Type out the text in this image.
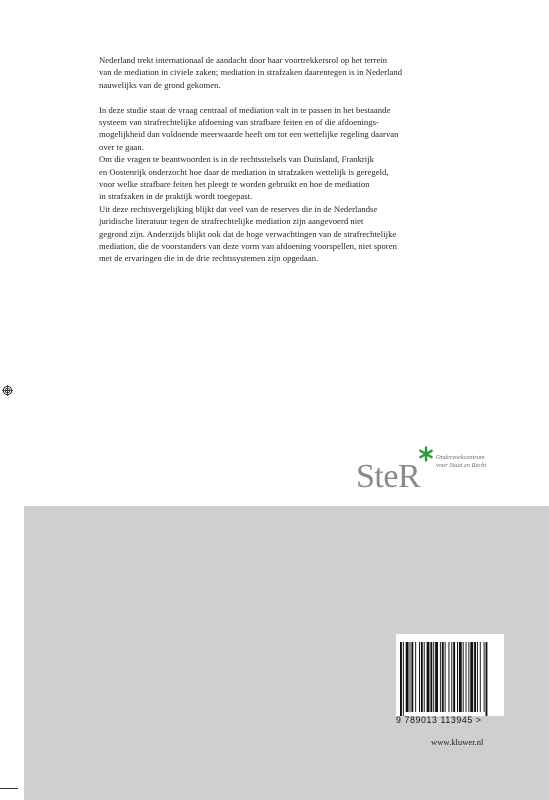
Nederland trekt internationaal de aandacht door haar voortrekkersrol op het terrein
van de mediation in civiele zaken; mediation in strafzaken daarentegen is in Nederland
nauwelijks van de grond gekomen.
In deze studie staat de vraag centraal of mediation valt in te passen in het bestaande
systeem van strafrechtelijke afdoening van strafbare feiten en of die afdoenings-
mogelijkheid dan voldoende meerwaarde heeft om tot een wettelijke regeling daarvan
over te gaan.
Om die vragen te beantwoorden is in de rechtsstelsels van Duitsland, Frankrijk
en Oostenrijk onderzocht hoe daar de mediation in strafzaken wettelijk is geregeld,
voor welke strafbare feiten het pleegt te worden gebruikt en hoe de mediation
in strafzaken in de praktijk wordt toegepast.
Uit deze rechtsvergelijking blijkt dat veel van de reserves die in de Nederlandse
juridische literatuur tegen de strafrechtelijke mediation zijn aangevoerd niet
gegrond zijn. Anderzijds blijkt ook dat de hoge verwachtingen van de strafrechtelijke
mediation, die de voorstanders van deze vorm van afdoening voorspellen, niet sporen
met de ervaringen die in de drie rechtssystemen zijn opgedaan.
SteR
Onderzoekcentrum
voor Staat en Recht
9 789013 113945 >
www.kluwer.nl
